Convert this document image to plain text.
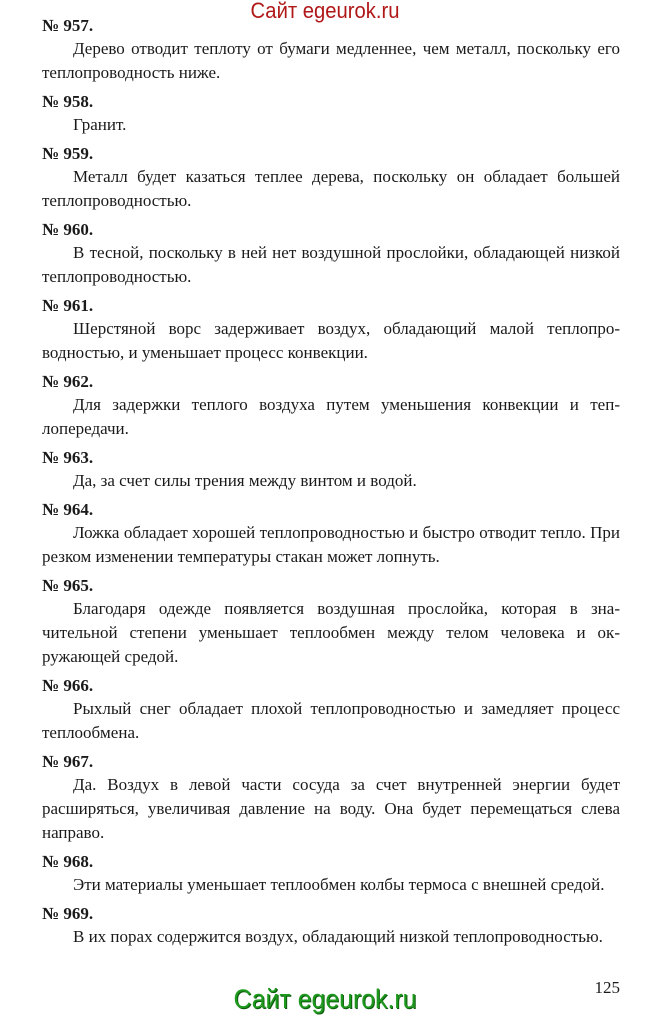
Сайт egeurok.ru

№ 957.

Дерево отводит теплоту от бумаги медленнее, чем металл, поскольку его теплопроводность ниже.

№ 958.

Гранит.

№ 959.

Металл будет казаться теплее дерева, поскольку он обладает большей теплопроводностью.

№ 960.

В тесной, поскольку в ней нет воздушной прослойки, обладающей низкой теплопроводностью.

№ 961.

Шерстяной ворс задерживает воздух, обладающий малой теплопроводностью, и уменьшает процесс конвекции.

№ 962.

Для задержки теплого воздуха путем уменьшения конвекции и теплопередачи.

№ 963.

Да, за счет силы трения между винтом и водой.

№ 964.

Ложка обладает хорошей теплопроводностью и быстро отводит тепло. При резком изменении температуры стакан может лопнуть.

№ 965.

Благодаря одежде появляется воздушная прослойка, которая в значительной степени уменьшает теплообмен между телом человека и окружающей средой.

№ 966.

Рыхлый снег обладает плохой теплопроводностью и замедляет процесс теплообмена.

№ 967.

Да. Воздух в левой части сосуда за счет внутренней энергии будет расширяться, увеличивая давление на воду. Она будет перемещаться слева направо.

№ 968.

Эти материалы уменьшает теплообмен колбы термоса с внешней средой.

№ 969.

В их порах содержится воздух, обладающий низкой теплопроводностью.

125

Сайт egeurok.ru
